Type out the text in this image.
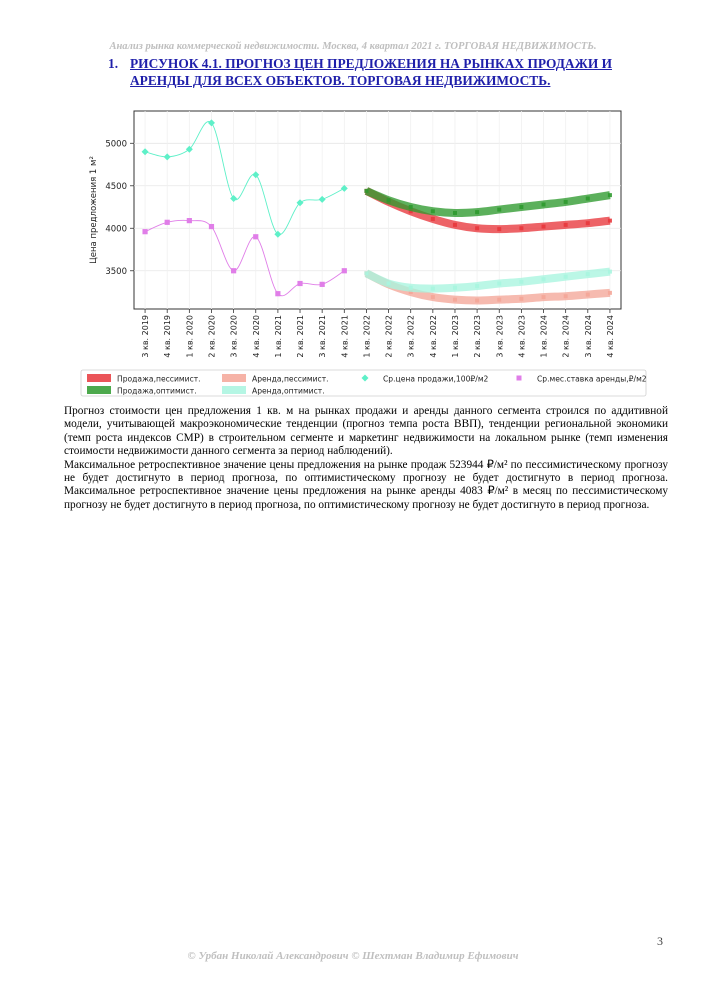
Анализ рынка коммерческой недвижимости. Москва, 4 квартал 2021 г. ТОРГОВАЯ НЕДВИЖИМОСТЬ.
1. РИСУНОК 4.1. ПРОГНОЗ ЦЕН ПРЕДЛОЖЕНИЯ НА РЫНКАХ ПРОДАЖИ И АРЕНДЫ ДЛЯ ВСЕХ ОБЪЕКТОВ. ТОРГОВАЯ НЕДВИЖИМОСТЬ.
3500
4000
4500
5000
3 кв. 2019 4 кв. 2019 1 кв. 2020 2 кв. 2020 3 кв. 2020 4 кв. 2020 1 кв. 2021 2 кв. 2021 3 кв. 2021 4 кв. 2021 1 кв. 2022 2 кв. 2022 3 кв. 2022 4 кв. 2022 1 кв. 2023 2 кв. 2023 3 кв. 2023 4 кв. 2023 1 кв. 2024 2 кв. 2024 3 кв. 2024 4 кв. 2024
Цена предложения 1 м²
Продажа,пессимист.	Аренда,пессимист.	Ср.цена продажи,100₽/м2	Ср.мес.ставка аренды,₽/м2
Продажа,оптимист.	Аренда,оптимист.

Прогноз стоимости цен предложения 1 кв. м на рынках продажи и аренды данного сегмента строился по аддитивной модели, учитывающей макроэкономические тенденции (прогноз темпа роста ВВП), тенденции региональной экономики (темп роста индексов СМР) в строительном сегменте и маркетинг недвижимости на локальном рынке (темп изменения стоимости недвижимости данного сегмента за период наблюдений).

Максимальное ретроспективное значение цены предложения на рынке продаж 523944 ₽/м² по пессимистическому прогнозу не будет достигнуто в период прогноза, по оптимистическому прогнозу не будет достигнуто в период прогноза. Максимальное ретроспективное значение цены предложения на рынке аренды 4083 ₽/м² в месяц по пессимистическому прогнозу не будет достигнуто в период прогноза, по оптимистическому прогнозу не будет достигнуто в период прогноза.

3
© Урбан Николай Александрович © Шехтман Владимир Ефимович
